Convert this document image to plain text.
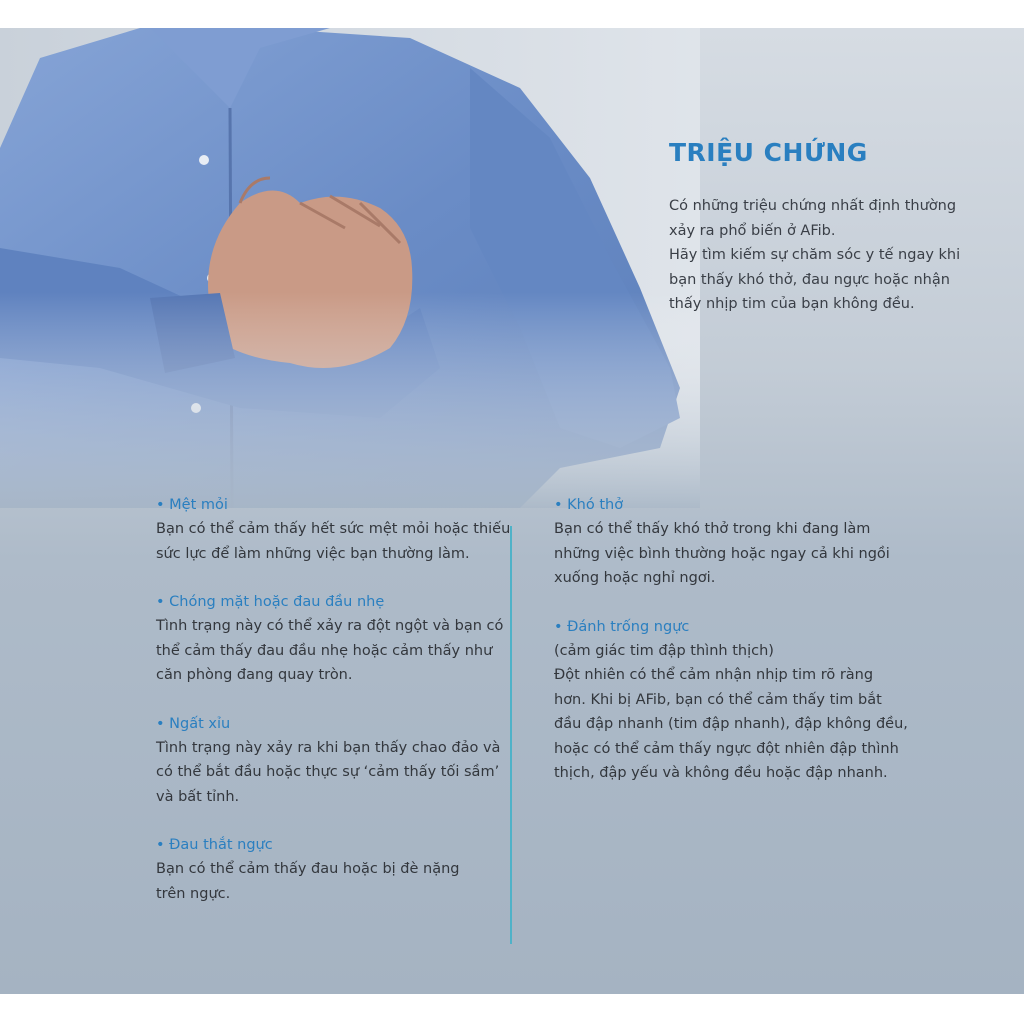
TRIỆU CHỨNG
Có những triệu chứng nhất định thường
xảy ra phổ biến ở AFib.
Hãy tìm kiếm sự chăm sóc y tế ngay khi
bạn thấy khó thở, đau ngực hoặc nhận
thấy nhịp tim của bạn không đều.
• Mệt mỏi
Bạn có thể cảm thấy hết sức mệt mỏi hoặc thiếu
sức lực để làm những việc bạn thường làm.
• Chóng mặt hoặc đau đầu nhẹ
Tình trạng này có thể xảy ra đột ngột và bạn có
thể cảm thấy đau đầu nhẹ hoặc cảm thấy như
căn phòng đang quay tròn.
• Ngất xỉu
Tình trạng này xảy ra khi bạn thấy chao đảo và
có thể bắt đầu hoặc thực sự ‘cảm thấy tối sầm’
và bất tỉnh.
• Đau thắt ngực
Bạn có thể cảm thấy đau hoặc bị đè nặng
trên ngực.
• Khó thở
Bạn có thể thấy khó thở trong khi đang làm
những việc bình thường hoặc ngay cả khi ngồi
xuống hoặc nghỉ ngơi.
• Đánh trống ngực
(cảm giác tim đập thình thịch)
Đột nhiên có thể cảm nhận nhịp tim rõ ràng
hơn. Khi bị AFib, bạn có thể cảm thấy tim bắt
đầu đập nhanh (tim đập nhanh), đập không đều,
hoặc có thể cảm thấy ngực đột nhiên đập thình
thịch, đập yếu và không đều hoặc đập nhanh.
